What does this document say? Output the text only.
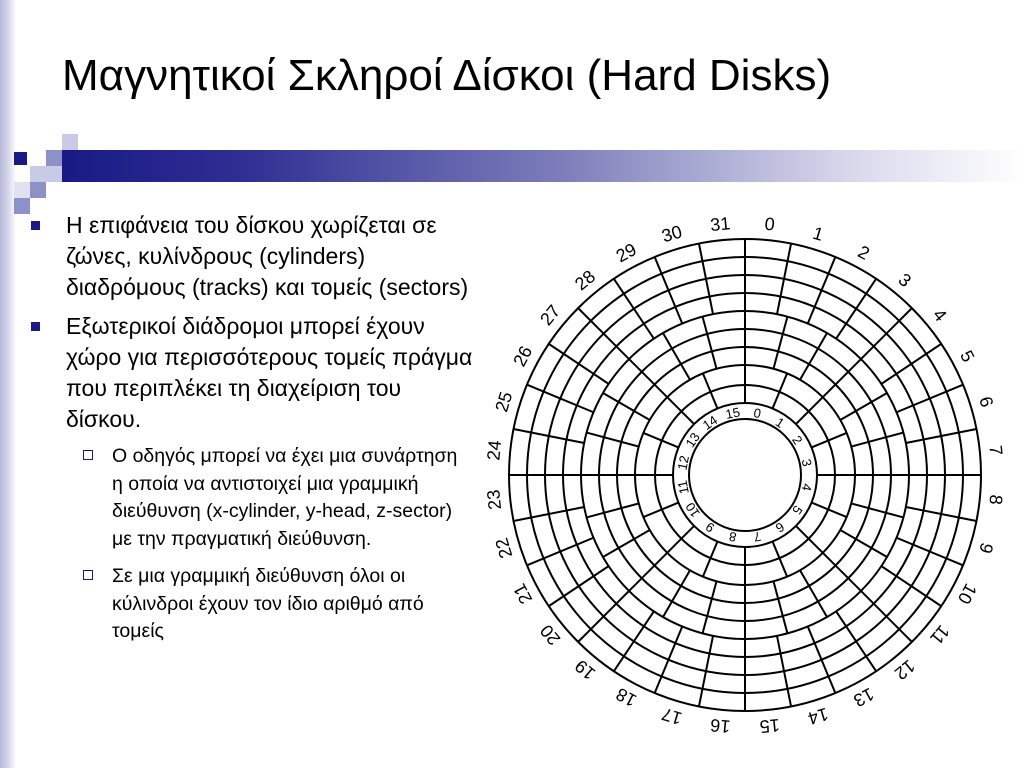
Μαγνητικοί Σκληροί Δίσκοι (Hard Disks)
Η επιφάνεια του δίσκου χωρίζεται σε ζώνες, κυλίνδρους (cylinders) διαδρόμους (tracks) και τομείς (sectors)
Εξωτερικοί διάδρομοι μπορεί έχουν χώρο για περισσότερους τομείς πράγμα που περιπλέκει τη διαχείριση του δίσκου.
Ο οδηγός μπορεί να έχει μια συνάρτηση η οποία να αντιστοιχεί μια γραμμική διεύθυνση (x-cylinder, y-head, z-sector) με την πραγματική διεύθυνση.
Σε μια γραμμική διεύθυνση όλοι οι κύλινδροι έχουν τον ίδιο αριθμό από τομείς
0 1
2
3
4
5
6
7
8
9
10
11
12
13
14
15
16
17
18
19
20
21
22
23
24
25
26
27
28
29
30 31
0
1
2
3
4
5
6
7
8
9
10
11
12
13
14 15
